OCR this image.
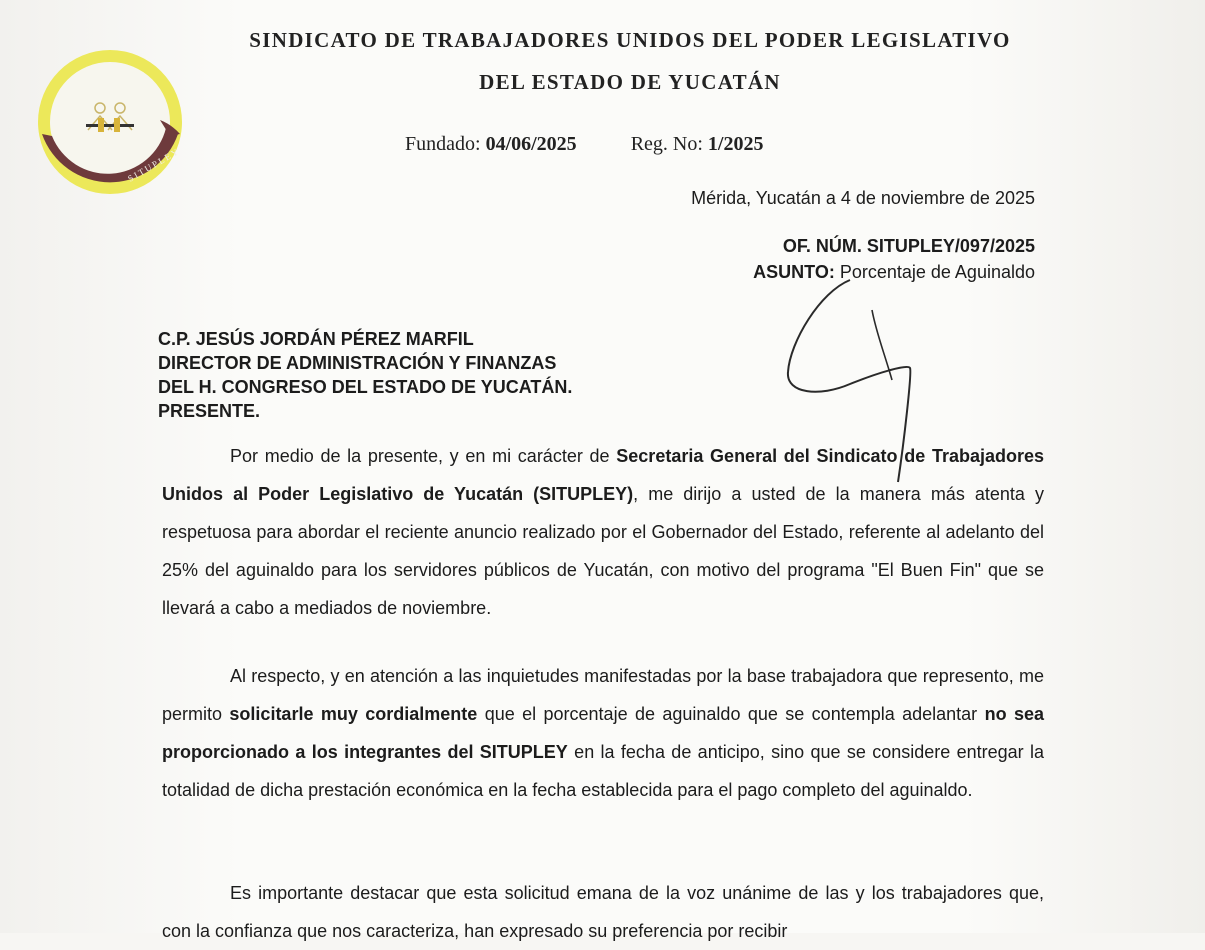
SITUPLEY
SINDICATO DE TRABAJADORES UNIDOS DEL PODER LEGISLATIVO
DEL ESTADO DE YUCATÁN
Fundado: 04/06/2025	Reg. No: 1/2025
Mérida, Yucatán a 4 de noviembre de 2025
OF. NÚM. SITUPLEY/097/2025
ASUNTO: Porcentaje de Aguinaldo
C.P. JESÚS JORDÁN PÉREZ MARFIL
DIRECTOR DE ADMINISTRACIÓN Y FINANZAS
DEL H. CONGRESO DEL ESTADO DE YUCATÁN.
PRESENTE.
Por medio de la presente, y en mi carácter de Secretaria General del Sindicato de Trabajadores Unidos al Poder Legislativo de Yucatán (SITUPLEY), me dirijo a usted de la manera más atenta y respetuosa para abordar el reciente anuncio realizado por el Gobernador del Estado, referente al adelanto del 25% del aguinaldo para los servidores públicos de Yucatán, con motivo del programa "El Buen Fin" que se llevará a cabo a mediados de noviembre.
Al respecto, y en atención a las inquietudes manifestadas por la base trabajadora que represento, me permito solicitarle muy cordialmente que el porcentaje de aguinaldo que se contempla adelantar no sea proporcionado a los integrantes del SITUPLEY en la fecha de anticipo, sino que se considere entregar la totalidad de dicha prestación económica en la fecha establecida para el pago completo del aguinaldo.
Es importante destacar que esta solicitud emana de la voz unánime de las y los trabajadores que, con la confianza que nos caracteriza, han expresado su preferencia por recibir
